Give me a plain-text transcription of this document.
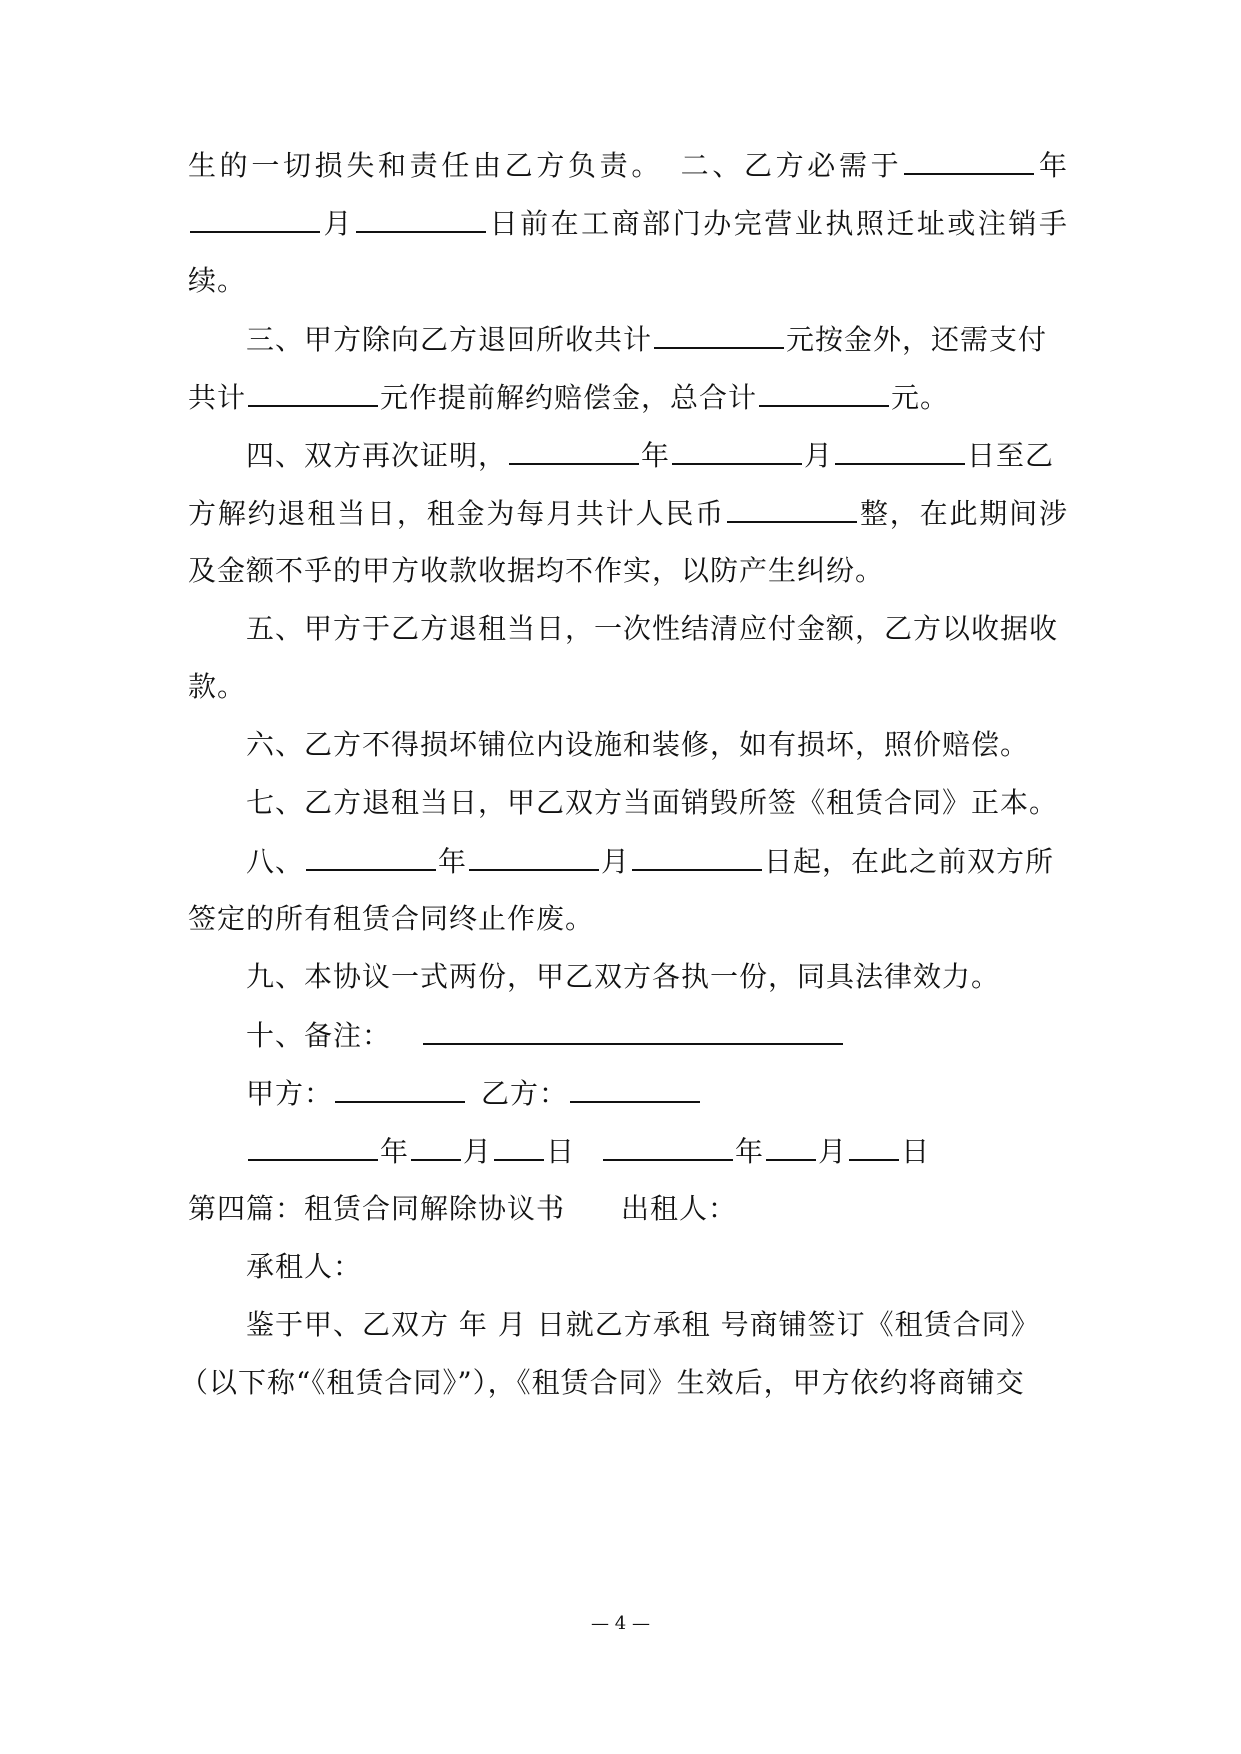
生的一切损失和责任由乙方负责。　二、乙方必需于	年
月	日前在工商部门办完营业执照迁址或注销手
续。
三、甲方除向乙方退回所收共计	元按金外，还需支付
共计	元作提前解约赔偿金，总合计	元。
四、双方再次证明，	年	月	日至乙
方解约退租当日，租金为每月共计人民币	整，在此期间涉
及金额不乎的甲方收款收据均不作实，以防产生纠纷。
五、甲方于乙方退租当日，一次性结清应付金额，乙方以收据收
款。
六、乙方不得损坏铺位内设施和装修，如有损坏，照价赔偿。
七、乙方退租当日，甲乙双方当面销毁所签《租赁合同》正本。
八、	年	月	日起，在此之前双方所
签定的所有租赁合同终止作废。
九、本协议一式两份，甲乙双方各执一份，同具法律效力。
十、备注：
甲方：	乙方：
年 月 日	年 月 日
第四篇：租赁合同解除协议书 出租人：
承租人：
鉴于甲、乙双方 年 月 日就乙方承租 号商铺签订《租赁合同》
（以下称“《租赁合同》”），《租赁合同》生效后，甲方依约将商铺交
— 4 —
